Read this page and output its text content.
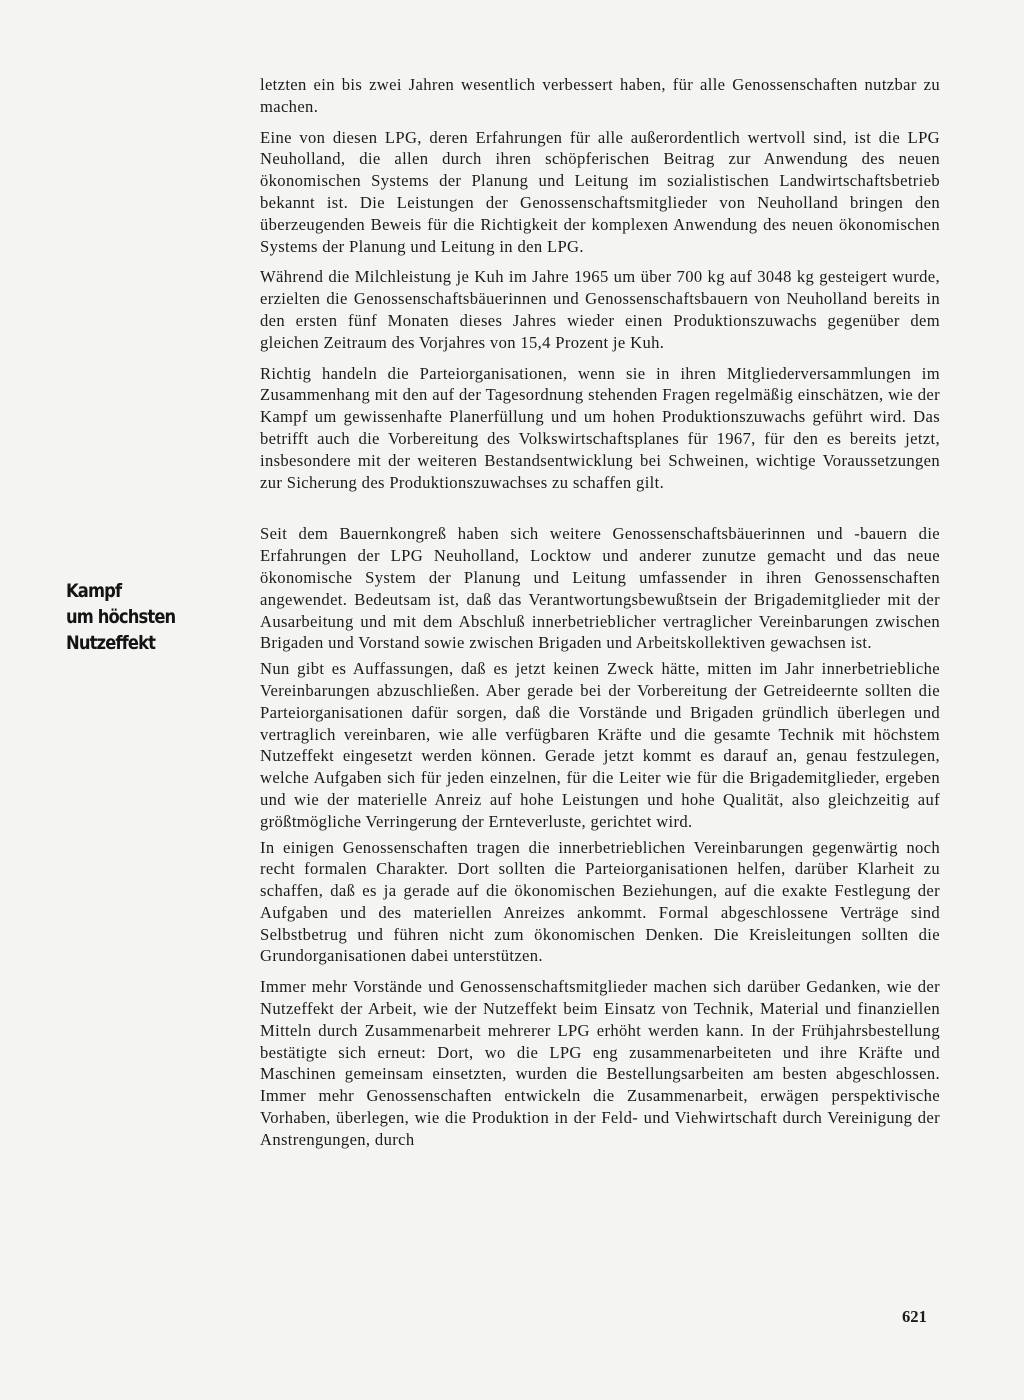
Kampf
um höchsten
Nutzeffekt

letzten ein bis zwei Jahren wesentlich verbessert haben, für alle Genossenschaften nutzbar zu machen.

Eine von diesen LPG, deren Erfahrungen für alle außerordentlich wertvoll sind, ist die LPG Neuholland, die allen durch ihren schöpferischen Beitrag zur Anwendung des neuen ökonomischen Systems der Planung und Leitung im sozialistischen Landwirtschaftsbetrieb bekannt ist. Die Leistungen der Genossenschaftsmitglieder von Neuholland bringen den überzeugenden Beweis für die Richtigkeit der komplexen Anwendung des neuen ökonomischen Systems der Planung und Leitung in den LPG.

Während die Milchleistung je Kuh im Jahre 1965 um über 700 kg auf 3048 kg gesteigert wurde, erzielten die Genossenschaftsbäuerinnen und Genossenschaftsbauern von Neuholland bereits in den ersten fünf Monaten dieses Jahres wieder einen Produktionszuwachs gegenüber dem gleichen Zeitraum des Vorjahres von 15,4 Prozent je Kuh.

Richtig handeln die Parteiorganisationen, wenn sie in ihren Mitgliederversammlungen im Zusammenhang mit den auf der Tagesordnung stehenden Fragen regelmäßig einschätzen, wie der Kampf um gewissenhafte Planerfüllung und um hohen Produktionszuwachs geführt wird. Das betrifft auch die Vorbereitung des Volkswirtschaftsplanes für 1967, für den es bereits jetzt, insbesondere mit der weiteren Bestandsentwicklung bei Schweinen, wichtige Voraussetzungen zur Sicherung des Produktionszuwachses zu schaffen gilt.

Seit dem Bauernkongreß haben sich weitere Genossenschaftsbäuerinnen und -bauern die Erfahrungen der LPG Neuholland, Locktow und anderer zunutze gemacht und das neue ökonomische System der Planung und Leitung umfassender in ihren Genossenschaften angewendet. Bedeutsam ist, daß das Verantwortungsbewußtsein der Brigademitglieder mit der Ausarbeitung und mit dem Abschluß innerbetrieblicher vertraglicher Vereinbarungen zwischen Brigaden und Vorstand sowie zwischen Brigaden und Arbeitskollektiven gewachsen ist.

Nun gibt es Auffassungen, daß es jetzt keinen Zweck hätte, mitten im Jahr innerbetriebliche Vereinbarungen abzuschließen. Aber gerade bei der Vorbereitung der Getreideernte sollten die Parteiorganisationen dafür sorgen, daß die Vorstände und Brigaden gründlich überlegen und vertraglich vereinbaren, wie alle verfügbaren Kräfte und die gesamte Technik mit höchstem Nutzeffekt eingesetzt werden können. Gerade jetzt kommt es darauf an, genau festzulegen, welche Aufgaben sich für jeden einzelnen, für die Leiter wie für die Brigademitglieder, ergeben und wie der materielle Anreiz auf hohe Leistungen und hohe Qualität, also gleichzeitig auf größtmögliche Verringerung der Ernteverluste, gerichtet wird.

In einigen Genossenschaften tragen die innerbetrieblichen Vereinbarungen gegenwärtig noch recht formalen Charakter. Dort sollten die Parteiorganisationen helfen, darüber Klarheit zu schaffen, daß es ja gerade auf die ökonomischen Beziehungen, auf die exakte Festlegung der Aufgaben und des materiellen Anreizes ankommt. Formal abgeschlossene Verträge sind Selbstbetrug und führen nicht zum ökonomischen Denken. Die Kreisleitungen sollten die Grundorganisationen dabei unterstützen.

Immer mehr Vorstände und Genossenschaftsmitglieder machen sich darüber Gedanken, wie der Nutzeffekt der Arbeit, wie der Nutzeffekt beim Einsatz von Technik, Material und finanziellen Mitteln durch Zusammenarbeit mehrerer LPG erhöht werden kann. In der Frühjahrsbestellung bestätigte sich erneut: Dort, wo die LPG eng zusammenarbeiteten und ihre Kräfte und Maschinen gemeinsam einsetzten, wurden die Bestellungsarbeiten am besten abgeschlossen. Immer mehr Genossenschaften entwickeln die Zusammenarbeit, erwägen perspektivische Vorhaben, überlegen, wie die Produktion in der Feld- und Viehwirtschaft durch Vereinigung der Anstrengungen, durch

621
